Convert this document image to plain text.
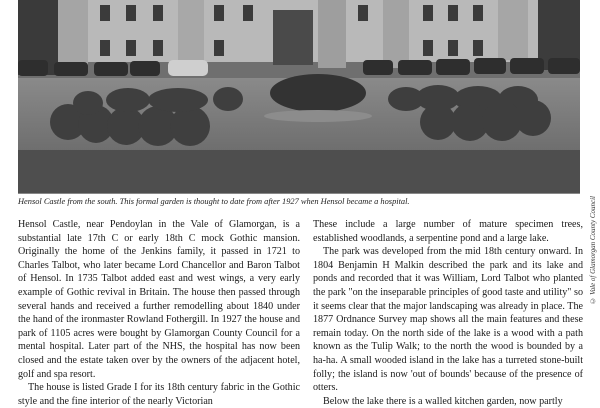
© Vale of Glamorgan County Council
Hensol Castle from the south. This formal garden is thought to date from after 1927 when Hensol became a hospital.

Hensol Castle, near Pendoylan in the Vale of Glamorgan, is a substantial late 17th C or early 18th C mock Gothic mansion. Originally the home of the Jenkins family, it passed in 1721 to Charles Talbot, who later became Lord Chancellor and Baron Talbot of Hensol. In 1735 Talbot added east and west wings, a very early example of Gothic revival in Britain. The house then passed through several hands and received a further remodelling about 1840 under the hand of the ironmaster Rowland Fothergill. In 1927 the house and park of 1105 acres were bought by Glamorgan County Council for a mental hospital. Later part of the NHS, the hospital has now been closed and the estate taken over by the owners of the adjacent hotel, golf and spa resort.

The house is listed Grade I for its 18th century fabric in the Gothic style and the fine interior of the nearly Victorian

These include a large number of mature specimen trees, established woodlands, a serpentine pond and a large lake.

The park was developed from the mid 18th century onward. In 1804 Benjamin H Malkin described the park and its lake and ponds and recorded that it was William, Lord Talbot who planted the park "on the inseparable principles of good taste and utility" so it seems clear that the major landscaping was already in place. The 1877 Ordnance Survey map shows all the main features and these remain today. On the north side of the lake is a wood with a path known as the Tulip Walk; to the north the wood is bounded by a ha-ha. A small wooded island in the lake has a turreted stone-built folly; the island is now 'out of bounds' because of the presence of otters.

Below the lake there is a walled kitchen garden, now partly
